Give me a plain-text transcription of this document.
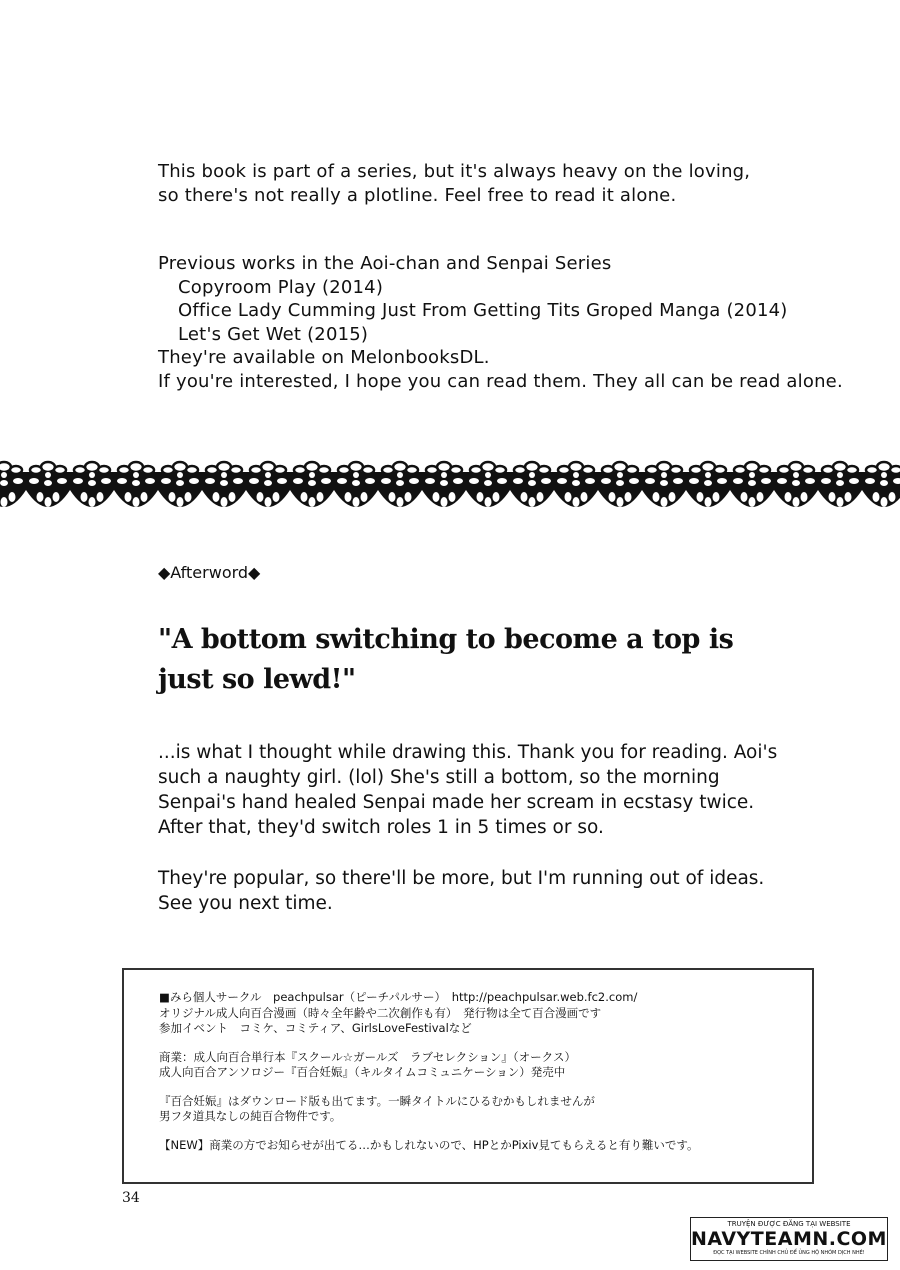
This book is part of a series, but it's always heavy on the loving,
so there's not really a plotline. Feel free to read it alone.
Previous works in the Aoi-chan and Senpai Series
Copyroom Play (2014)
Office Lady Cumming Just From Getting Tits Groped Manga (2014)
Let's Get Wet (2015)
They're available on MelonbooksDL.
If you're interested, I hope you can read them. They all can be read alone.
◆Afterword◆
"A bottom switching to become a top is
just so lewd!"
...is what I thought while drawing this. Thank you for reading. Aoi's
such a naughty girl. (lol) She's still a bottom, so the morning
Senpai's hand healed Senpai made her scream in ecstasy twice.
After that, they'd switch roles 1 in 5 times or so.
They're popular, so there'll be more, but I'm running out of ideas.
See you next time.
■みら個人サークル　peachpulsar（ピーチパルサー）　http://peachpulsar.web.fc2.com/
オリジナル成人向百合漫画（時々全年齢や二次創作も有）　発行物は全て百合漫画です
参加イベント　コミケ、コミティア、GirlsLoveFestivalなど
商業：成人向百合単行本『スクール☆ガールズ　ラブセレクション』（オークス）
成人向百合アンソロジー『百合妊娠』（キルタイムコミュニケーション）発売中
『百合妊娠』はダウンロード版も出てます。一瞬タイトルにひるむかもしれませんが
男フタ道具なしの純百合物件です。
【NEW】商業の方でお知らせが出てる…かもしれないので、HPとかPixiv見てもらえると有り難いです。
34
TRUYỆN ĐƯỢC ĐĂNG TẠI WEBSITE
NAVYTEAMN.COM
ĐỌC TẠI WEBSITE CHÍNH CHỦ ĐỂ ỦNG HỘ NHÓM DỊCH NHÉ!
